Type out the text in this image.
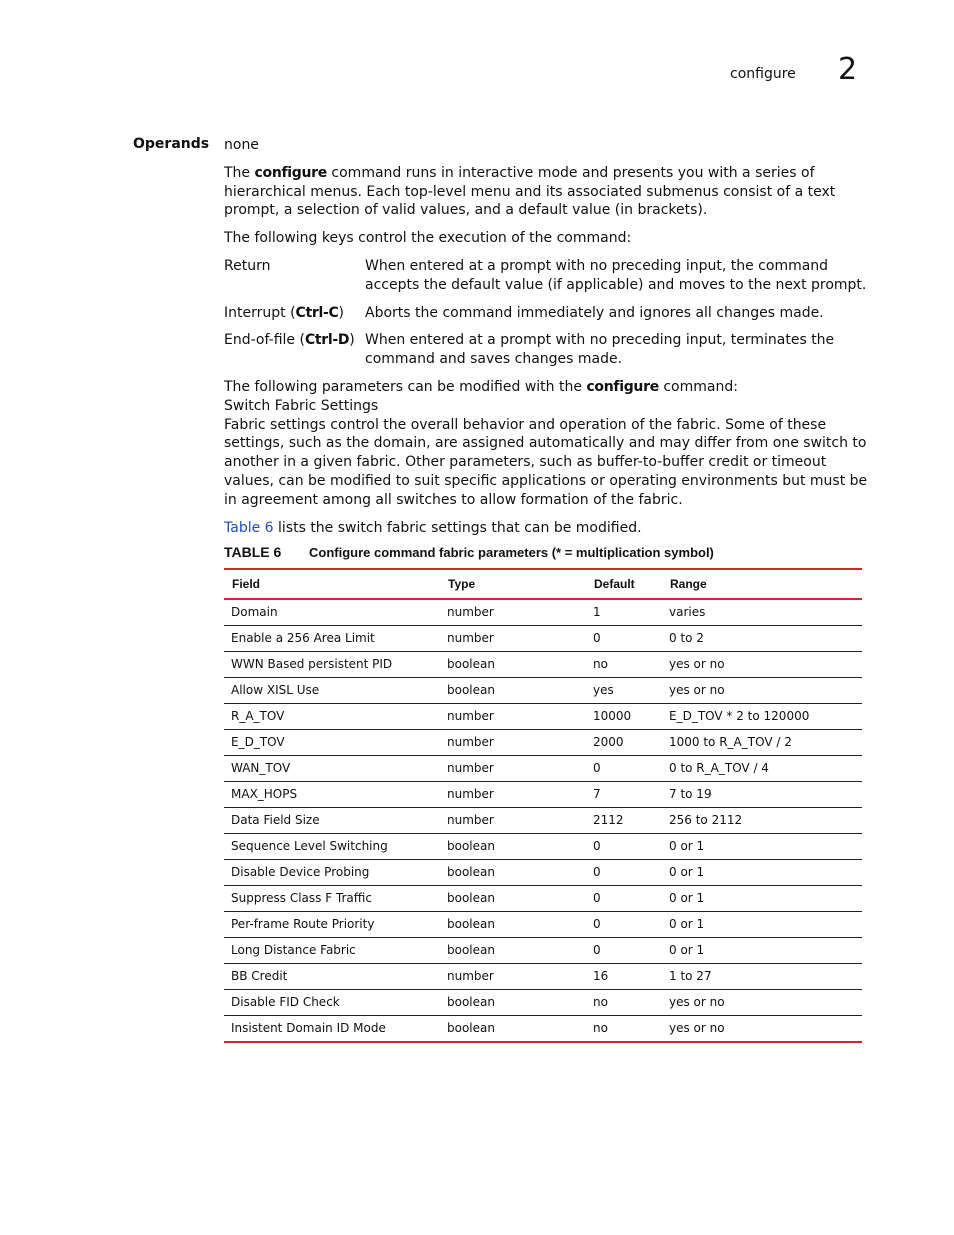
configure 2
Operands none

The configure command runs in interactive mode and presents you with a series of hierarchical menus. Each top-level menu and its associated submenus consist of a text prompt, a selection of valid values, and a default value (in brackets).

The following keys control the execution of the command:

Return	When entered at a prompt with no preceding input, the command accepts the default value (if applicable) and moves to the next prompt.
Interrupt (Ctrl-C)	Aborts the command immediately and ignores all changes made.
End-of-file (Ctrl-D) When entered at a prompt with no preceding input, terminates the command and saves changes made.

The following parameters can be modified with the configure command:

Switch Fabric Settings

Fabric settings control the overall behavior and operation of the fabric. Some of these settings, such as the domain, are assigned automatically and may differ from one switch to another in a given fabric. Other parameters, such as buffer-to-buffer credit or timeout values, can be modified to suit specific applications or operating environments but must be in agreement among all switches to allow formation of the fabric.

Table 6 lists the switch fabric settings that can be modified.

TABLE 6	Configure command fabric parameters (* = multiplication symbol)
Field	Type	Default	Range
Domain	number	1	varies
Enable a 256 Area Limit	number	0	0 to 2
WWN Based persistent PID	boolean	no	yes or no
Allow XISL Use	boolean	yes	yes or no
R_A_TOV	number	10000	E_D_TOV * 2 to 120000
E_D_TOV	number	2000	1000 to R_A_TOV / 2
WAN_TOV	number	0	0 to R_A_TOV / 4
MAX_HOPS	number	7	7 to 19
Data Field Size	number	2112	256 to 2112
Sequence Level Switching	boolean	0	0 or 1
Disable Device Probing	boolean	0	0 or 1
Suppress Class F Traffic	boolean	0	0 or 1
Per-frame Route Priority	boolean	0	0 or 1
Long Distance Fabric	boolean	0	0 or 1
BB Credit	number	16	1 to 27
Disable FID Check	boolean	no	yes or no
Insistent Domain ID Mode	boolean	no	yes or no
